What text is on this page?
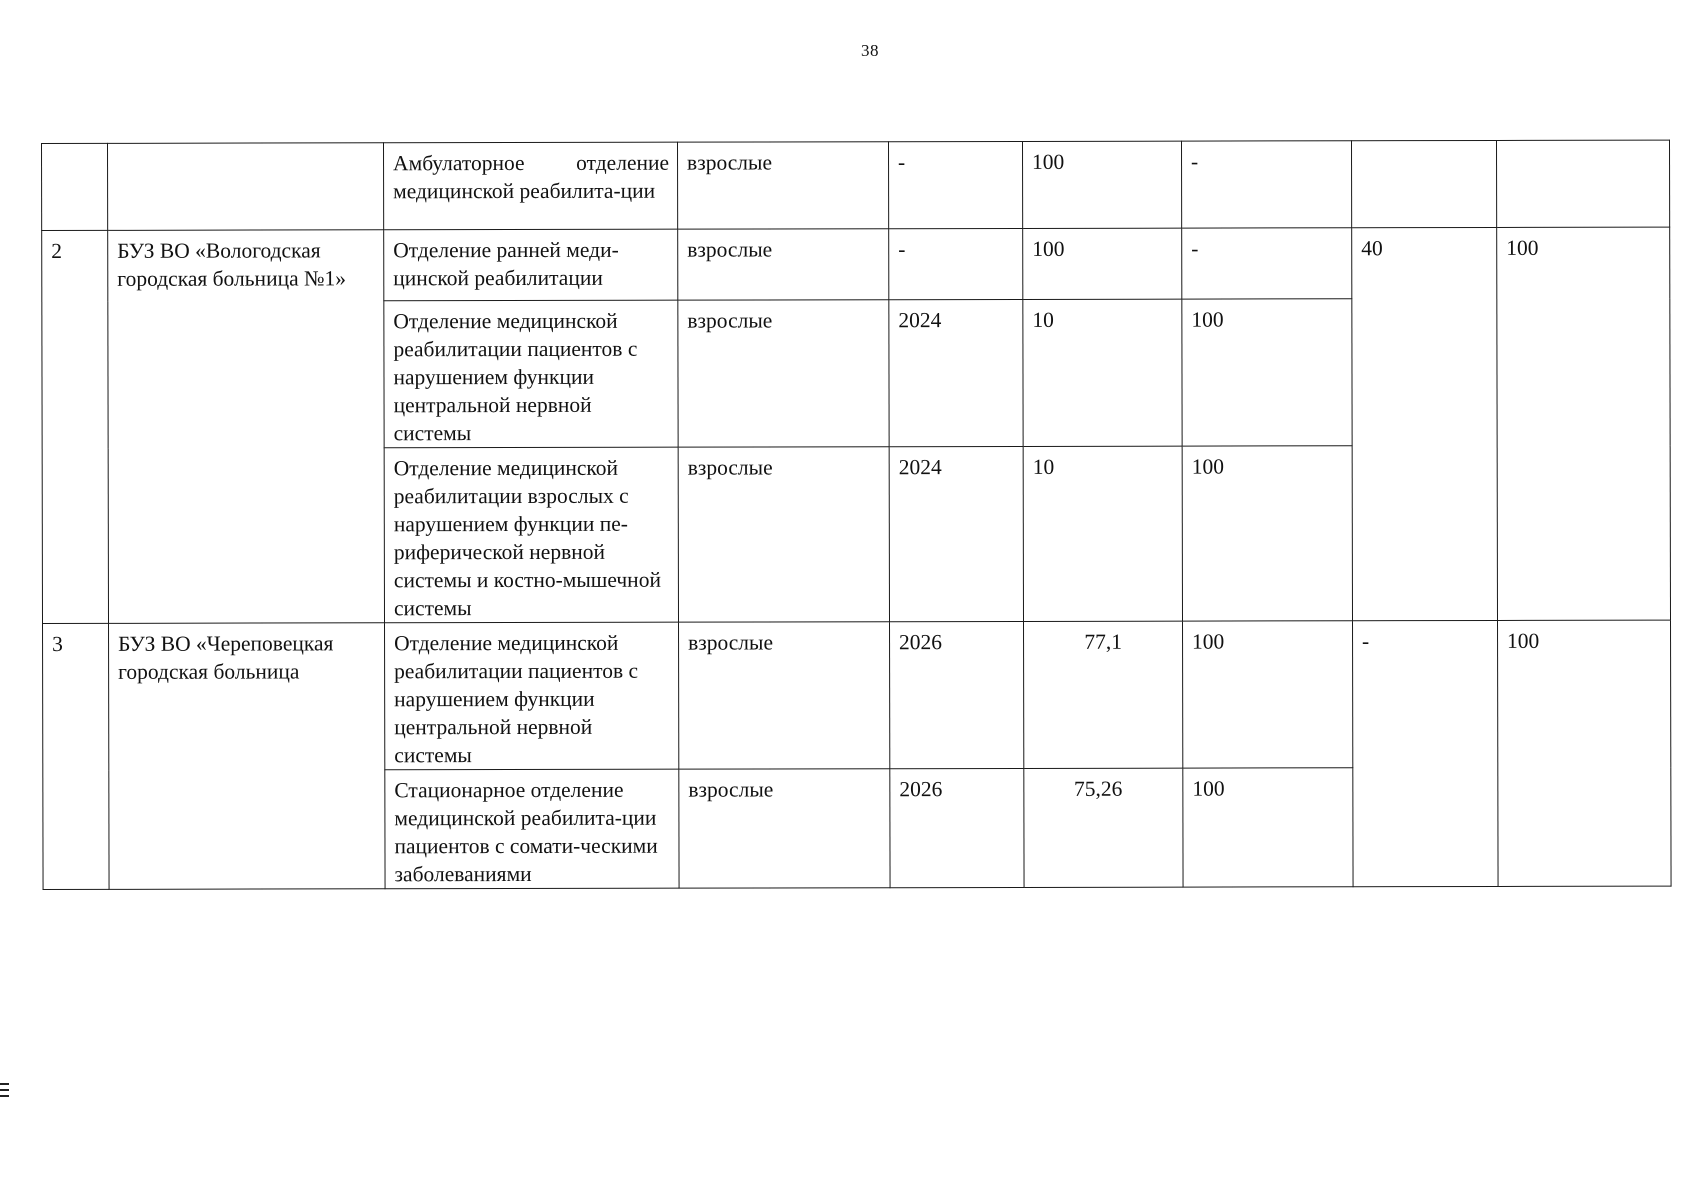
38
		Амбулаторное отделение медицинской реабилита-ции	взрослые	-	100	-		
2	БУЗ ВО «Вологодская городская больница №1»	Отделение ранней меди-цинской реабилитации	взрослые	-	100	-	40	100
		Отделение медицинской реабилитации пациентов с нарушением функции центральной нервной системы	взрослые	2024	10	100		
		Отделение медицинской реабилитации взрослых с нарушением функции пе-риферической нервной системы и костно-мышечной системы	взрослые	2024	10	100		
3	БУЗ ВО «Череповецкая городская больница	Отделение медицинской реабилитации пациентов с нарушением функции центральной нервной системы	взрослые	2026	77,1	100	-	100
		Стационарное отделение медицинской реабилита-ции пациентов с сомати-ческими заболеваниями	взрослые	2026	75,26	100		
